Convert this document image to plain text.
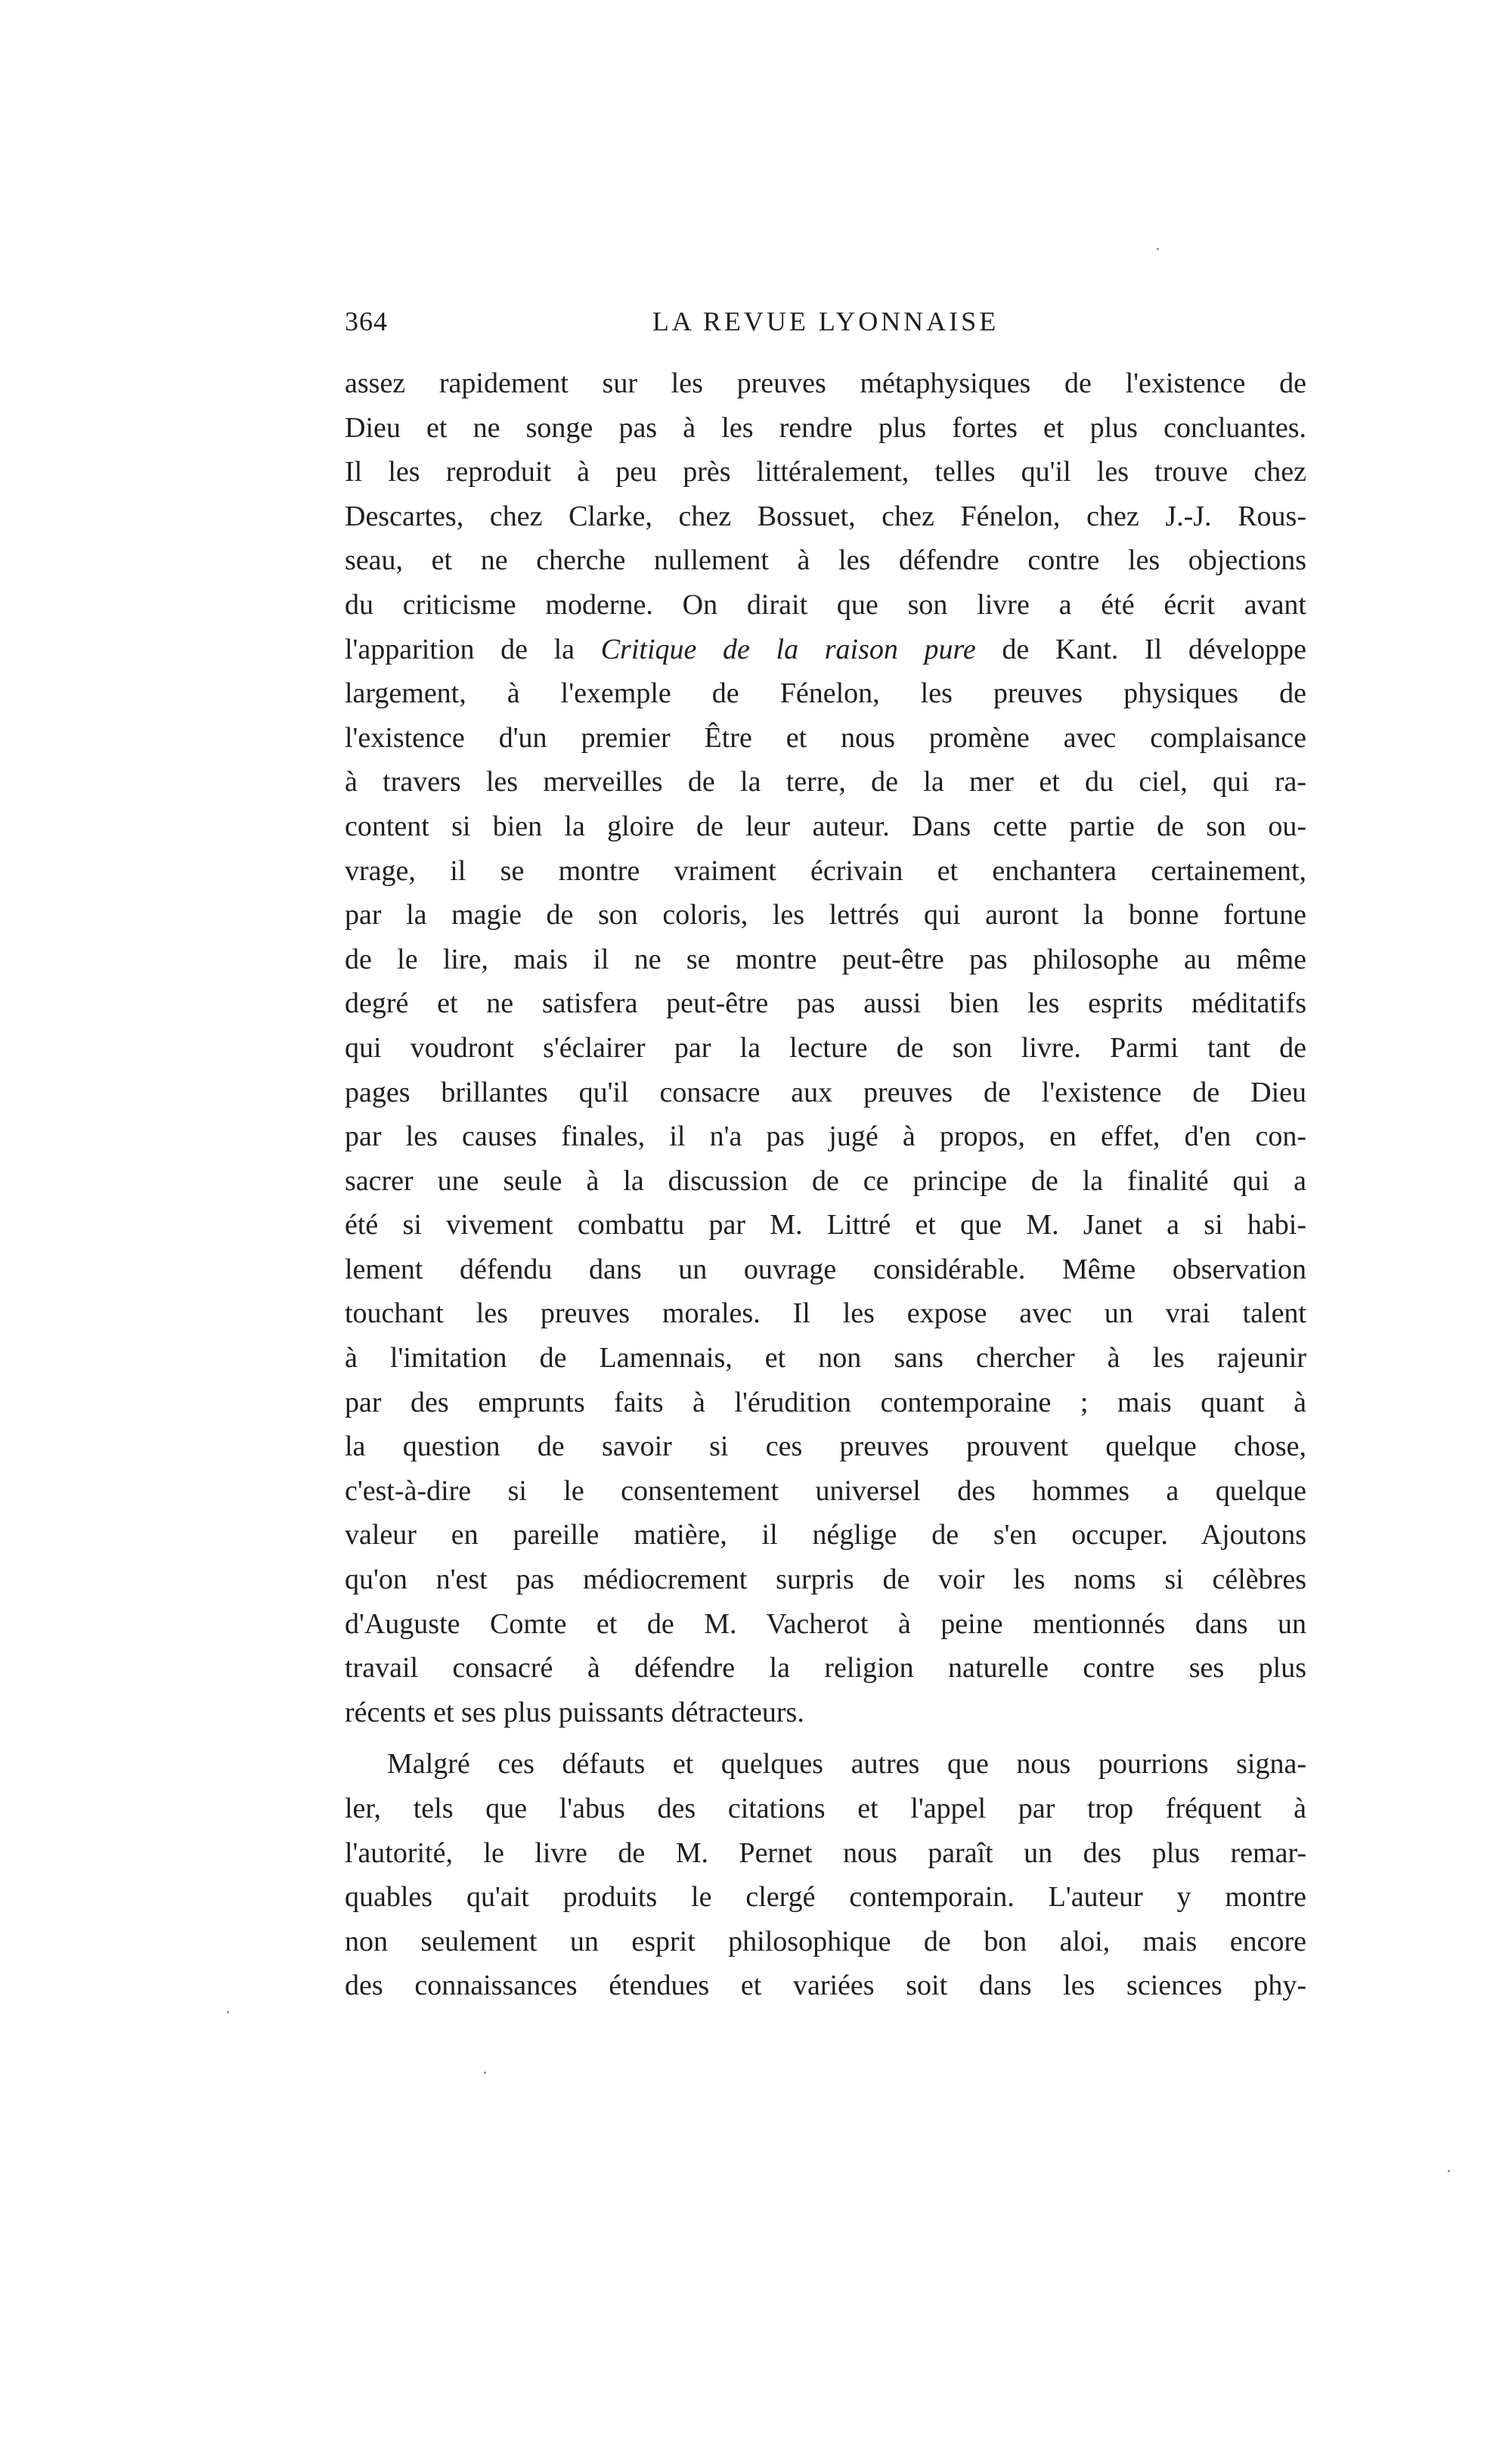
364	LA REVUE LYONNAISE
assez rapidement sur les preuves métaphysiques de l'existence de
Dieu et ne songe pas à les rendre plus fortes et plus concluantes.
Il les reproduit à peu près littéralement, telles qu'il les trouve chez
Descartes, chez Clarke, chez Bossuet, chez Fénelon, chez J.-J. Rous-
seau, et ne cherche nullement à les défendre contre les objections
du criticisme moderne. On dirait que son livre a été écrit avant
l'apparition de la Critique de la raison pure de Kant. Il développe
largement, à l'exemple de Fénelon, les preuves physiques de
l'existence d'un premier Être et nous promène avec complaisance
à travers les merveilles de la terre, de la mer et du ciel, qui ra-
content si bien la gloire de leur auteur. Dans cette partie de son ou-
vrage, il se montre vraiment écrivain et enchantera certainement,
par la magie de son coloris, les lettrés qui auront la bonne fortune
de le lire, mais il ne se montre peut-être pas philosophe au même
degré et ne satisfera peut-être pas aussi bien les esprits méditatifs
qui voudront s'éclairer par la lecture de son livre. Parmi tant de
pages brillantes qu'il consacre aux preuves de l'existence de Dieu
par les causes finales, il n'a pas jugé à propos, en effet, d'en con-
sacrer une seule à la discussion de ce principe de la finalité qui a
été si vivement combattu par M. Littré et que M. Janet a si habi-
lement défendu dans un ouvrage considérable. Même observation
touchant les preuves morales. Il les expose avec un vrai talent
à l'imitation de Lamennais, et non sans chercher à les rajeunir
par des emprunts faits à l'érudition contemporaine ; mais quant à
la question de savoir si ces preuves prouvent quelque chose,
c'est-à-dire si le consentement universel des hommes a quelque
valeur en pareille matière, il néglige de s'en occuper. Ajoutons
qu'on n'est pas médiocrement surpris de voir les noms si célèbres
d'Auguste Comte et de M. Vacherot à peine mentionnés dans un
travail consacré à défendre la religion naturelle contre ses plus
récents et ses plus puissants détracteurs.
Malgré ces défauts et quelques autres que nous pourrions signa-
ler, tels que l'abus des citations et l'appel par trop fréquent à
l'autorité, le livre de M. Pernet nous paraît un des plus remar-
quables qu'ait produits le clergé contemporain. L'auteur y montre
non seulement un esprit philosophique de bon aloi, mais encore
des connaissances étendues et variées soit dans les sciences phy-
